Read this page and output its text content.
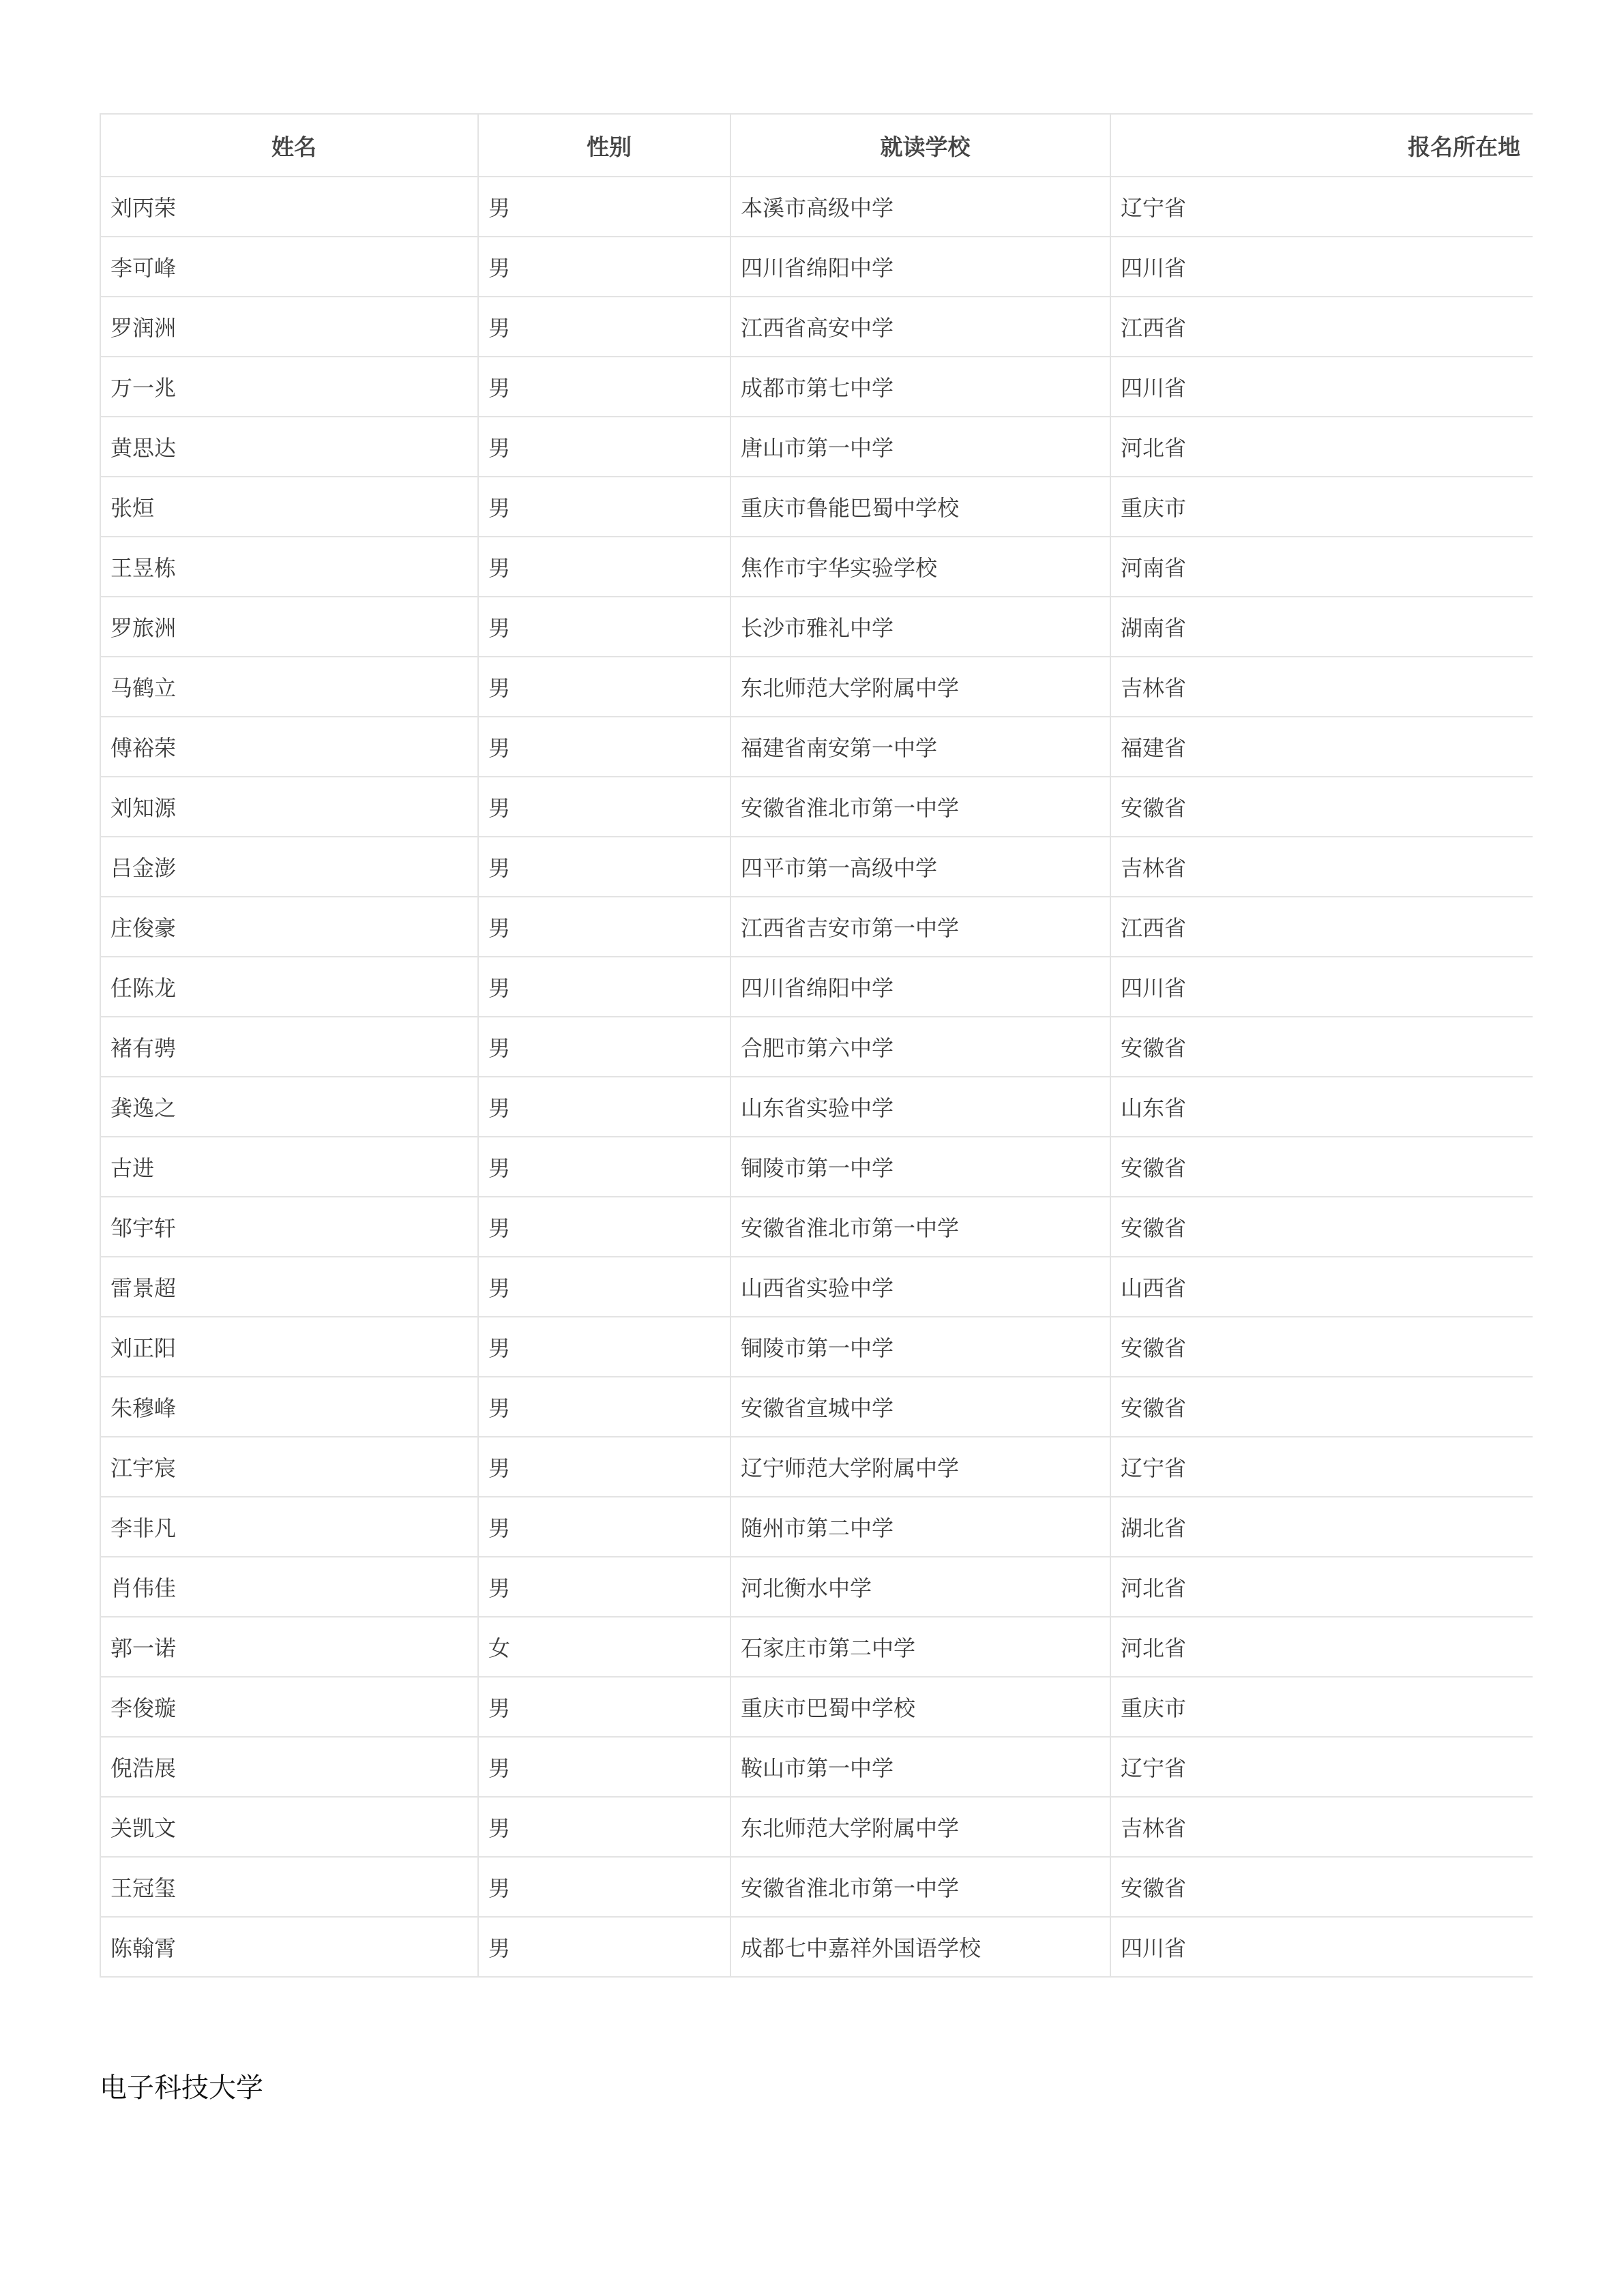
姓名	性别	就读学校	报名所在地
刘丙荣	男	本溪市高级中学	辽宁省
李可峰	男	四川省绵阳中学	四川省
罗润洲	男	江西省高安中学	江西省
万一兆	男	成都市第七中学	四川省
黄思达	男	唐山市第一中学	河北省
张烜	男	重庆市鲁能巴蜀中学校	重庆市
王昱栋	男	焦作市宇华实验学校	河南省
罗旅洲	男	长沙市雅礼中学	湖南省
马鹤立	男	东北师范大学附属中学	吉林省
傅裕荣	男	福建省南安第一中学	福建省
刘知源	男	安徽省淮北市第一中学	安徽省
吕金澎	男	四平市第一高级中学	吉林省
庄俊豪	男	江西省吉安市第一中学	江西省
任陈龙	男	四川省绵阳中学	四川省
褚有骋	男	合肥市第六中学	安徽省
龚逸之	男	山东省实验中学	山东省
古进	男	铜陵市第一中学	安徽省
邹宇轩	男	安徽省淮北市第一中学	安徽省
雷景超	男	山西省实验中学	山西省
刘正阳	男	铜陵市第一中学	安徽省
朱穆峰	男	安徽省宣城中学	安徽省
江宇宸	男	辽宁师范大学附属中学	辽宁省
李非凡	男	随州市第二中学	湖北省
肖伟佳	男	河北衡水中学	河北省
郭一诺	女	石家庄市第二中学	河北省
李俊璇	男	重庆市巴蜀中学校	重庆市
倪浩展	男	鞍山市第一中学	辽宁省
关凯文	男	东北师范大学附属中学	吉林省
王冠玺	男	安徽省淮北市第一中学	安徽省
陈翰霄	男	成都七中嘉祥外国语学校	四川省
电子科技大学
